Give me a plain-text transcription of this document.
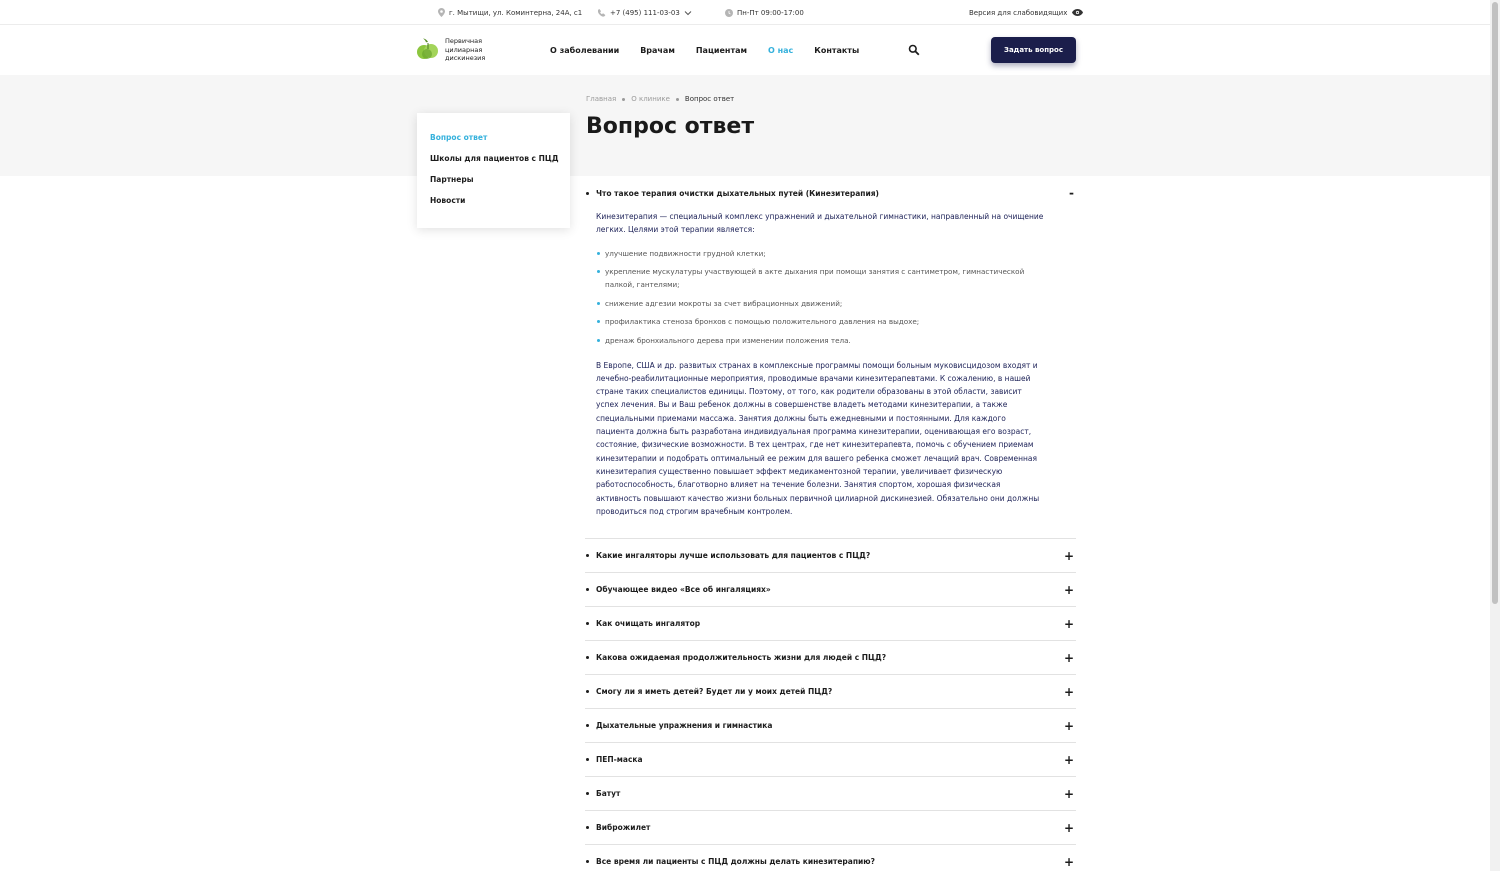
г. Мытищи, ул. Коминтерна, 24А, с1	+7 (495) 111-03-03	Пн-Пт 09:00-17:00	Версия для слабовидящих
Первичная
цилиарная
дискинезия
О заболевании	Врачам	Пациентам	О нас	Контакты	Задать вопрос
Главная О клинике Вопрос ответ
Вопрос ответ
Вопрос ответ
Школы для пациентов с ПЦД
Партнеры
Новости
Что такое терапия очистки дыхательных путей (Кинезитерапия)	-

Кинезитерапия — специальный комплекс упражнений и дыхательной гимнастики, направленный на очищение легких. Целями этой терапии является:

улучшение подвижности грудной клетки;
укрепление мускулатуры участвующей в акте дыхания при помощи занятия с сантиметром, гимнастической палкой, гантелями;
снижение адгезии мокроты за счет вибрационных движений;
профилактика стеноза бронхов с помощью положительного давления на выдохе;
дренаж бронхиального дерева при изменении положения тела.

В Европе, США и др. развитых странах в комплексные программы помощи больным муковисцидозом входят и лечебно-реабилитационные мероприятия, проводимые врачами кинезитерапевтами. К сожалению, в нашей стране таких специалистов единицы. Поэтому, от того, как родители образованы в этой области, зависит успех лечения. Вы и Ваш ребенок должны в совершенстве владеть методами кинезитерапии, а также специальными приемами массажа. Занятия должны быть ежедневными и постоянными. Для каждого пациента должна быть разработана индивидуальная программа кинезитерапии, оценивающая его возраст, состояние, физические возможности. В тех центрах, где нет кинезитерапевта, помочь с обучением приемам кинезитерапии и подобрать оптимальный ее режим для вашего ребенка сможет лечащий врач. Современная кинезитерапия существенно повышает эффект медикаментозной терапии, увеличивает физическую работоспособность, благотворно влияет на течение болезни. Занятия спортом, хорошая физическая активность повышают качество жизни больных первичной цилиарной дискинезией. Обязательно они должны проводиться под строгим врачебным контролем.

Какие ингаляторы лучше использовать для пациентов с ПЦД?	+
Обучающее видео «Все об ингаляциях»	+
Как очищать ингалятор	+
Какова ожидаемая продолжительность жизни для людей с ПЦД?	+
Смогу ли я иметь детей? Будет ли у моих детей ПЦД?	+
Дыхательные упражнения и гимнастика	+
ПЕП-маска	+
Батут	+
Виброжилет	+
Все время ли пациенты с ПЦД должны делать кинезитерапию?	+
